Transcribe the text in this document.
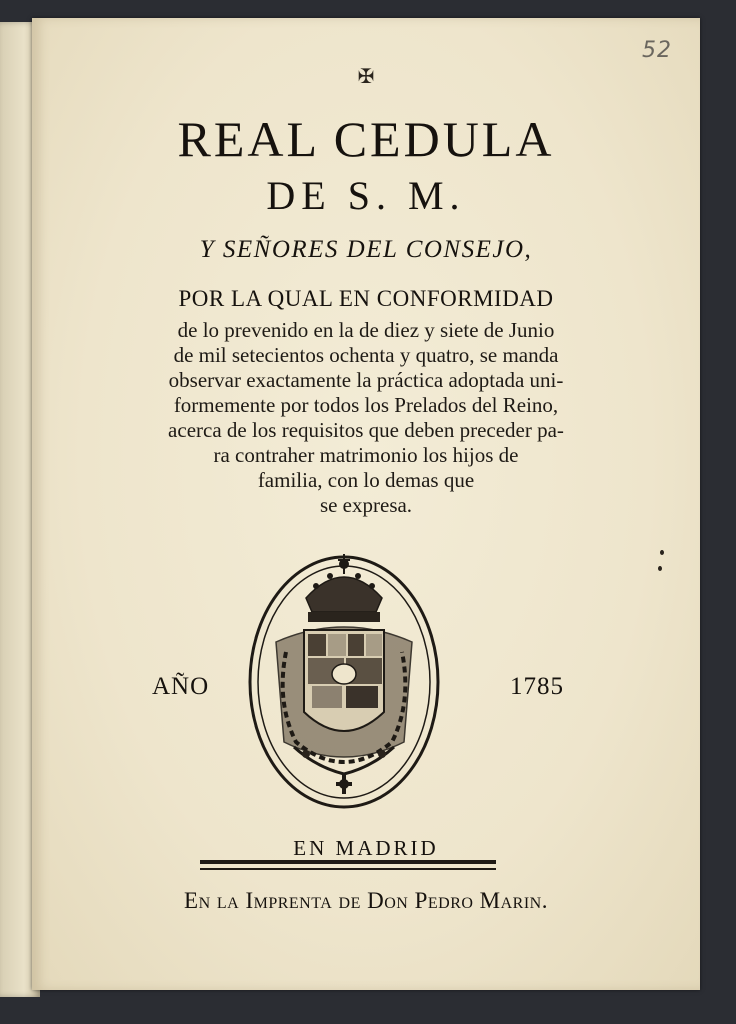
52
✠
REAL CEDULA
DE S. M.
Y SEÑORES DEL CONSEJO,
POR LA QUAL EN CONFORMIDAD
de lo prevenido en la de diez y siete de Junio
de mil setecientos ochenta y quatro, se manda
observar exactamente la práctica adoptada uni-
formemente por todos los Prelados del Reino,
acerca de los requisitos que deben preceder pa-
ra contraher matrimonio los hijos de
familia, con lo demas que
se expresa.
AÑO	1785
EN MADRID
En la Imprenta de Don Pedro Marin.
